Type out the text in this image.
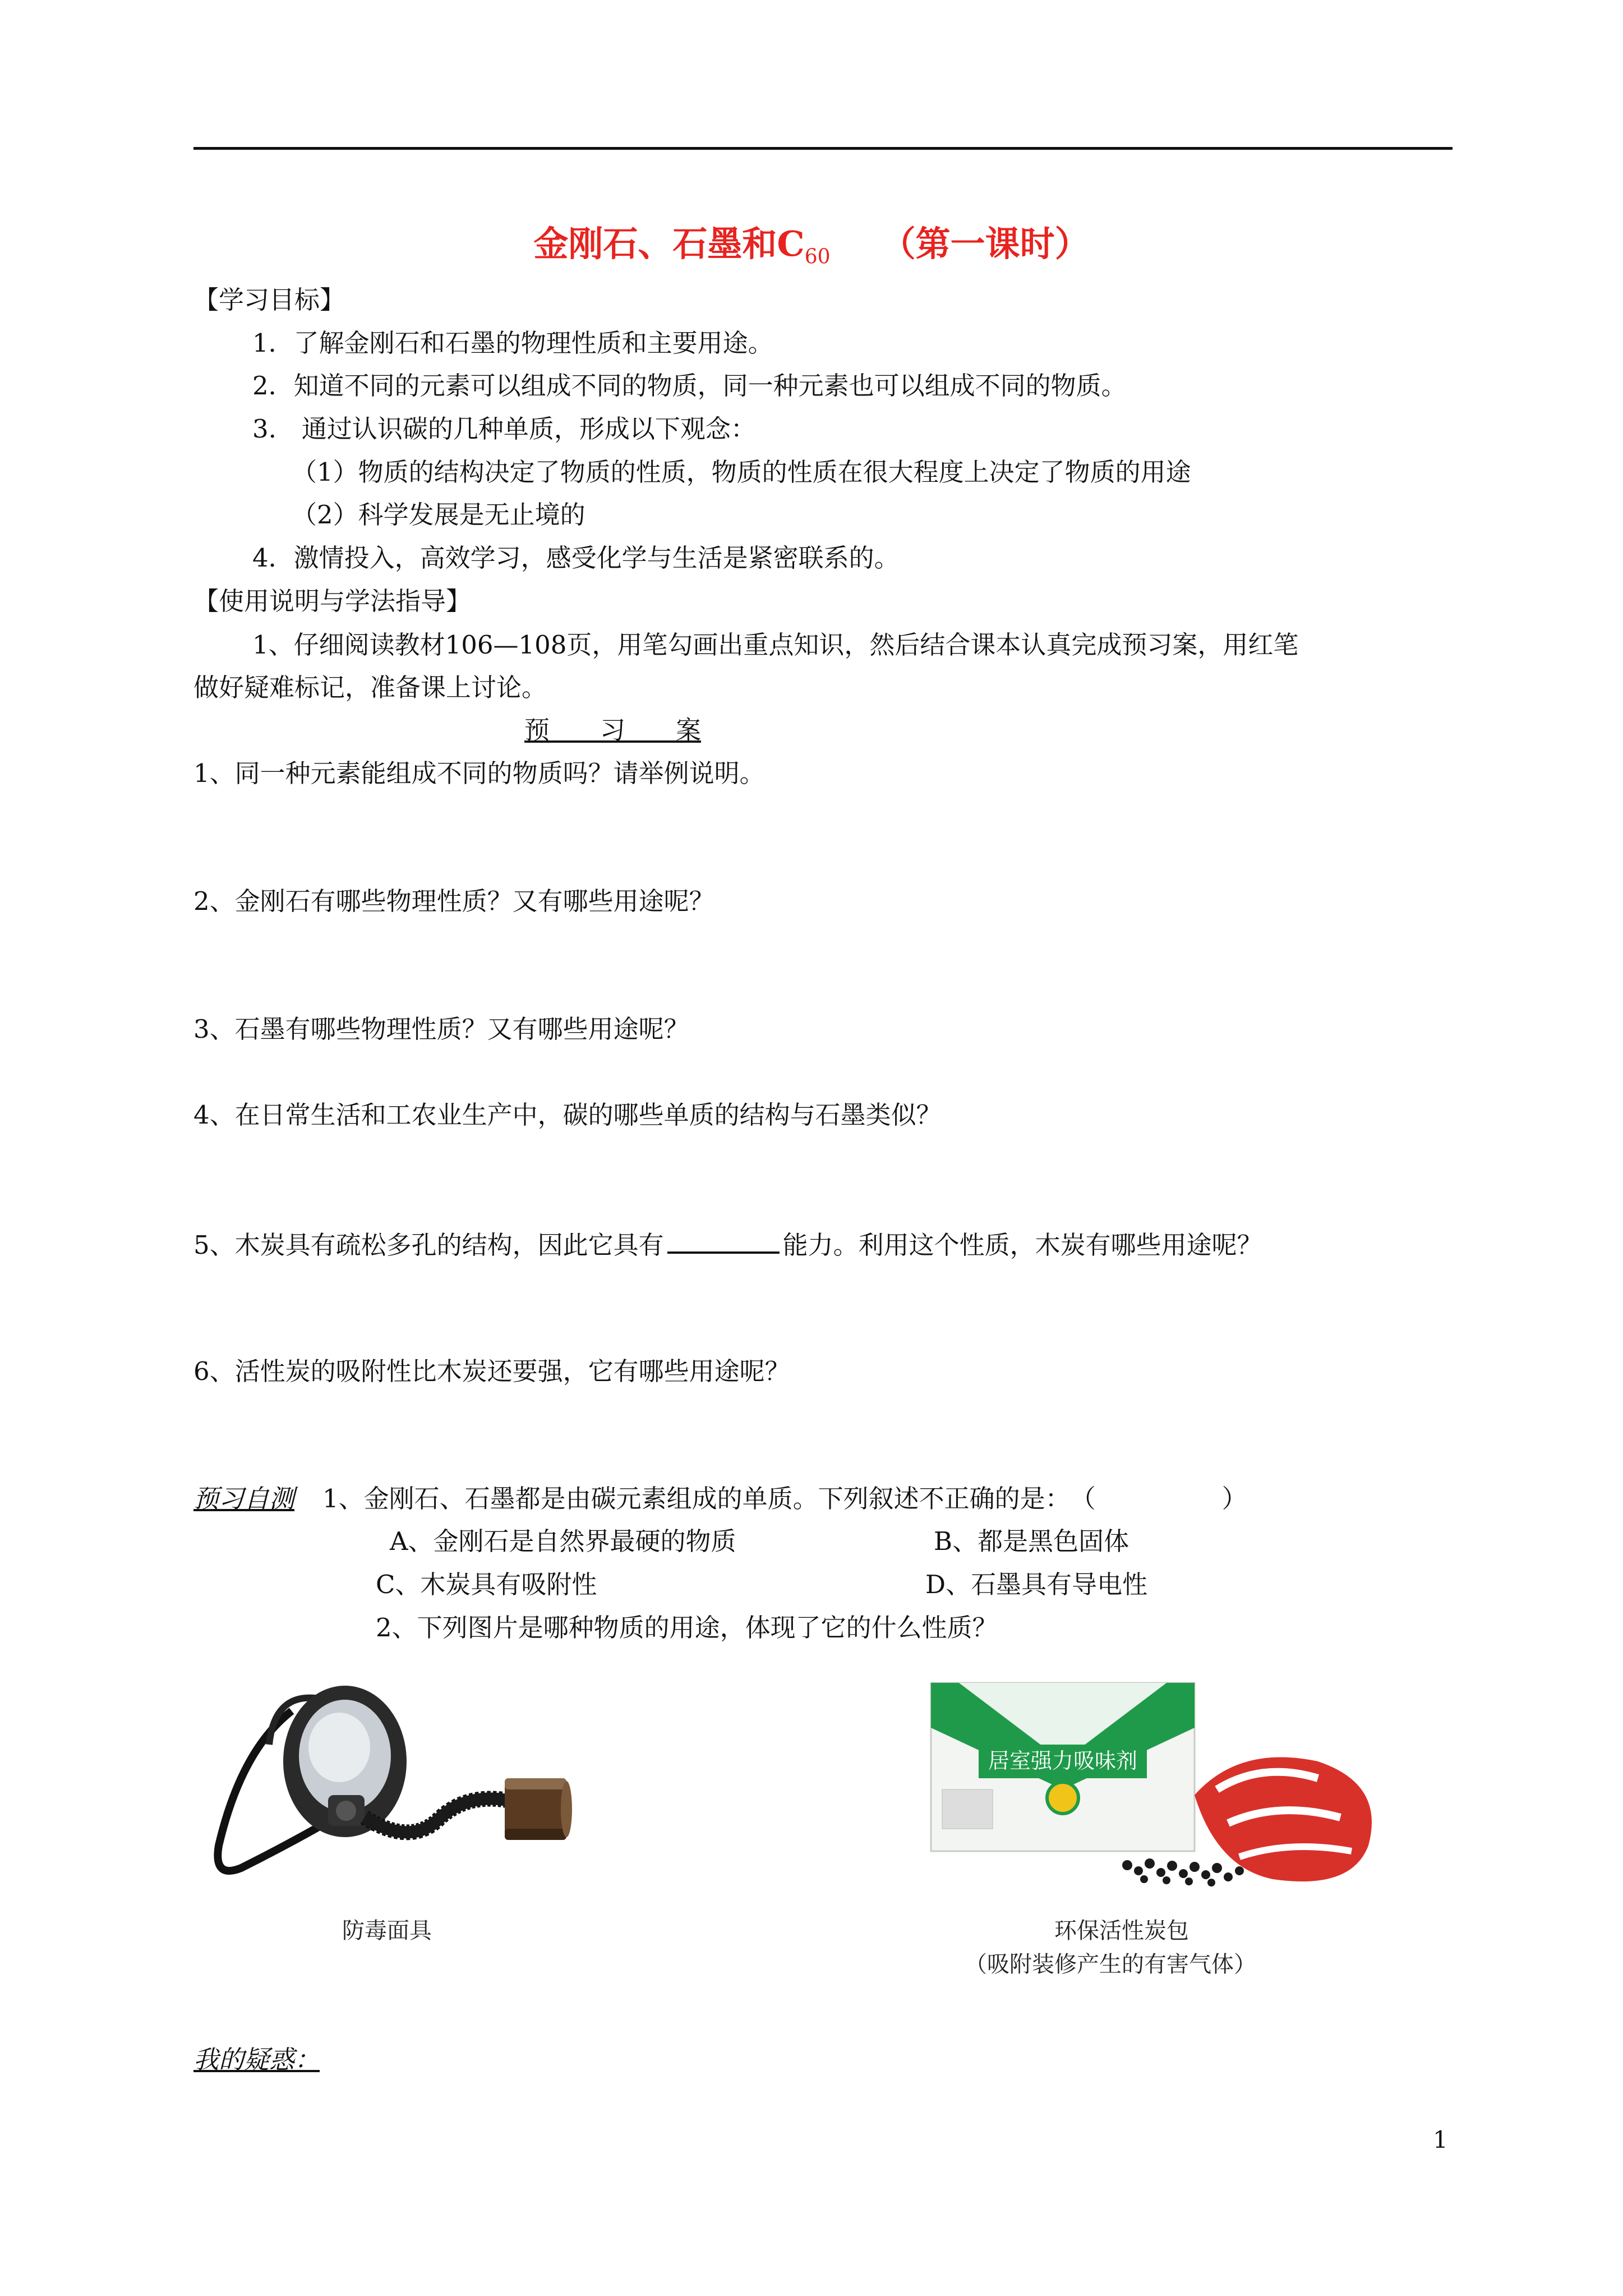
金刚石、石墨和$C_{60}$ （第一课时）
【学习目标】
1．了解金刚石和石墨的物理性质和主要用途。
2．知道不同的元素可以组成不同的物质，同一种元素也可以组成不同的物质。
3.　通过认识碳的几种单质，形成以下观念：
（1）物质的结构决定了物质的性质，物质的性质在很大程度上决定了物质的用途
（2）科学发展是无止境的
4．激情投入，高效学习，感受化学与生活是紧密联系的。
【使用说明与学法指导】
1、仔细阅读教材106—108页，用笔勾画出重点知识，然后结合课本认真完成预习案，用红笔
做好疑难标记，准备课上讨论。
预　　习　　案
1、同一种元素能组成不同的物质吗？请举例说明。
2、金刚石有哪些物理性质？又有哪些用途呢？
3、石墨有哪些物理性质？又有哪些用途呢？
4、在日常生活和工农业生产中，碳的哪些单质的结构与石墨类似？
5、木炭具有疏松多孔的结构，因此它具有	能力。利用这个性质，木炭有哪些用途呢？
6、活性炭的吸附性比木炭还要强，它有哪些用途呢？
预习自测 1、金刚石、石墨都是由碳元素组成的单质。下列叙述不正确的是：　（　　　　　）
A、金刚石是自然界最硬的物质	B、都是黑色固体
C、木炭具有吸附性	D、石墨具有导电性
2、下列图片是哪种物质的用途，体现了它的什么性质？
防毒面具
居室强力吸味剂
环保活性炭包
（吸附装修产生的有害气体）
我的疑惑：
1
